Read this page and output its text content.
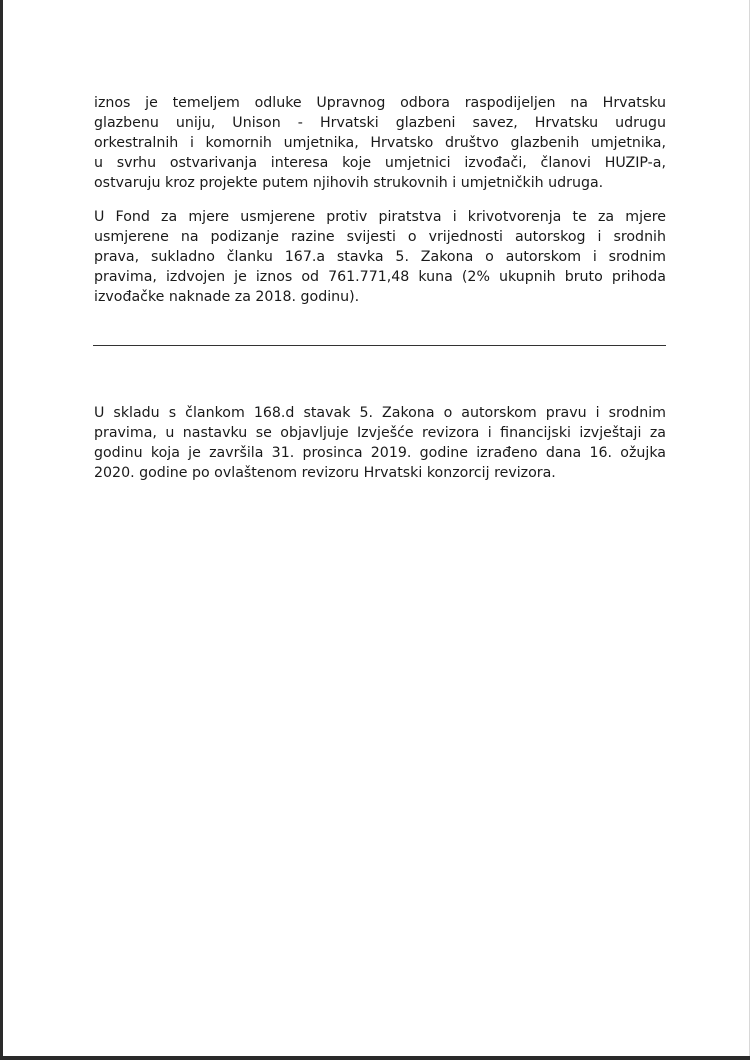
iznos je temeljem odluke Upravnog odbora raspodijeljen na Hrvatsku
glazbenu uniju, Unison - Hrvatski glazbeni savez, Hrvatsku udrugu
orkestralnih i komornih umjetnika, Hrvatsko društvo glazbenih umjetnika,
u svrhu ostvarivanja interesa koje umjetnici izvođači, članovi HUZIP-a,
ostvaruju kroz projekte putem njihovih strukovnih i umjetničkih udruga.

U Fond za mjere usmjerene protiv piratstva i krivotvorenja te za mjere
usmjerene na podizanje razine svijesti o vrijednosti autorskog i srodnih
prava, sukladno članku 167.a stavka 5. Zakona o autorskom i srodnim
pravima, izdvojen je iznos od 761.771,48 kuna (2% ukupnih bruto prihoda
izvođačke naknade za 2018. godinu).

U skladu s člankom 168.d stavak 5. Zakona o autorskom pravu i srodnim
pravima, u nastavku se objavljuje Izvješće revizora i financijski izvještaji za
godinu koja je završila 31. prosinca 2019. godine izrađeno dana 16. ožujka
2020. godine po ovlaštenom revizoru Hrvatski konzorcij revizora.
